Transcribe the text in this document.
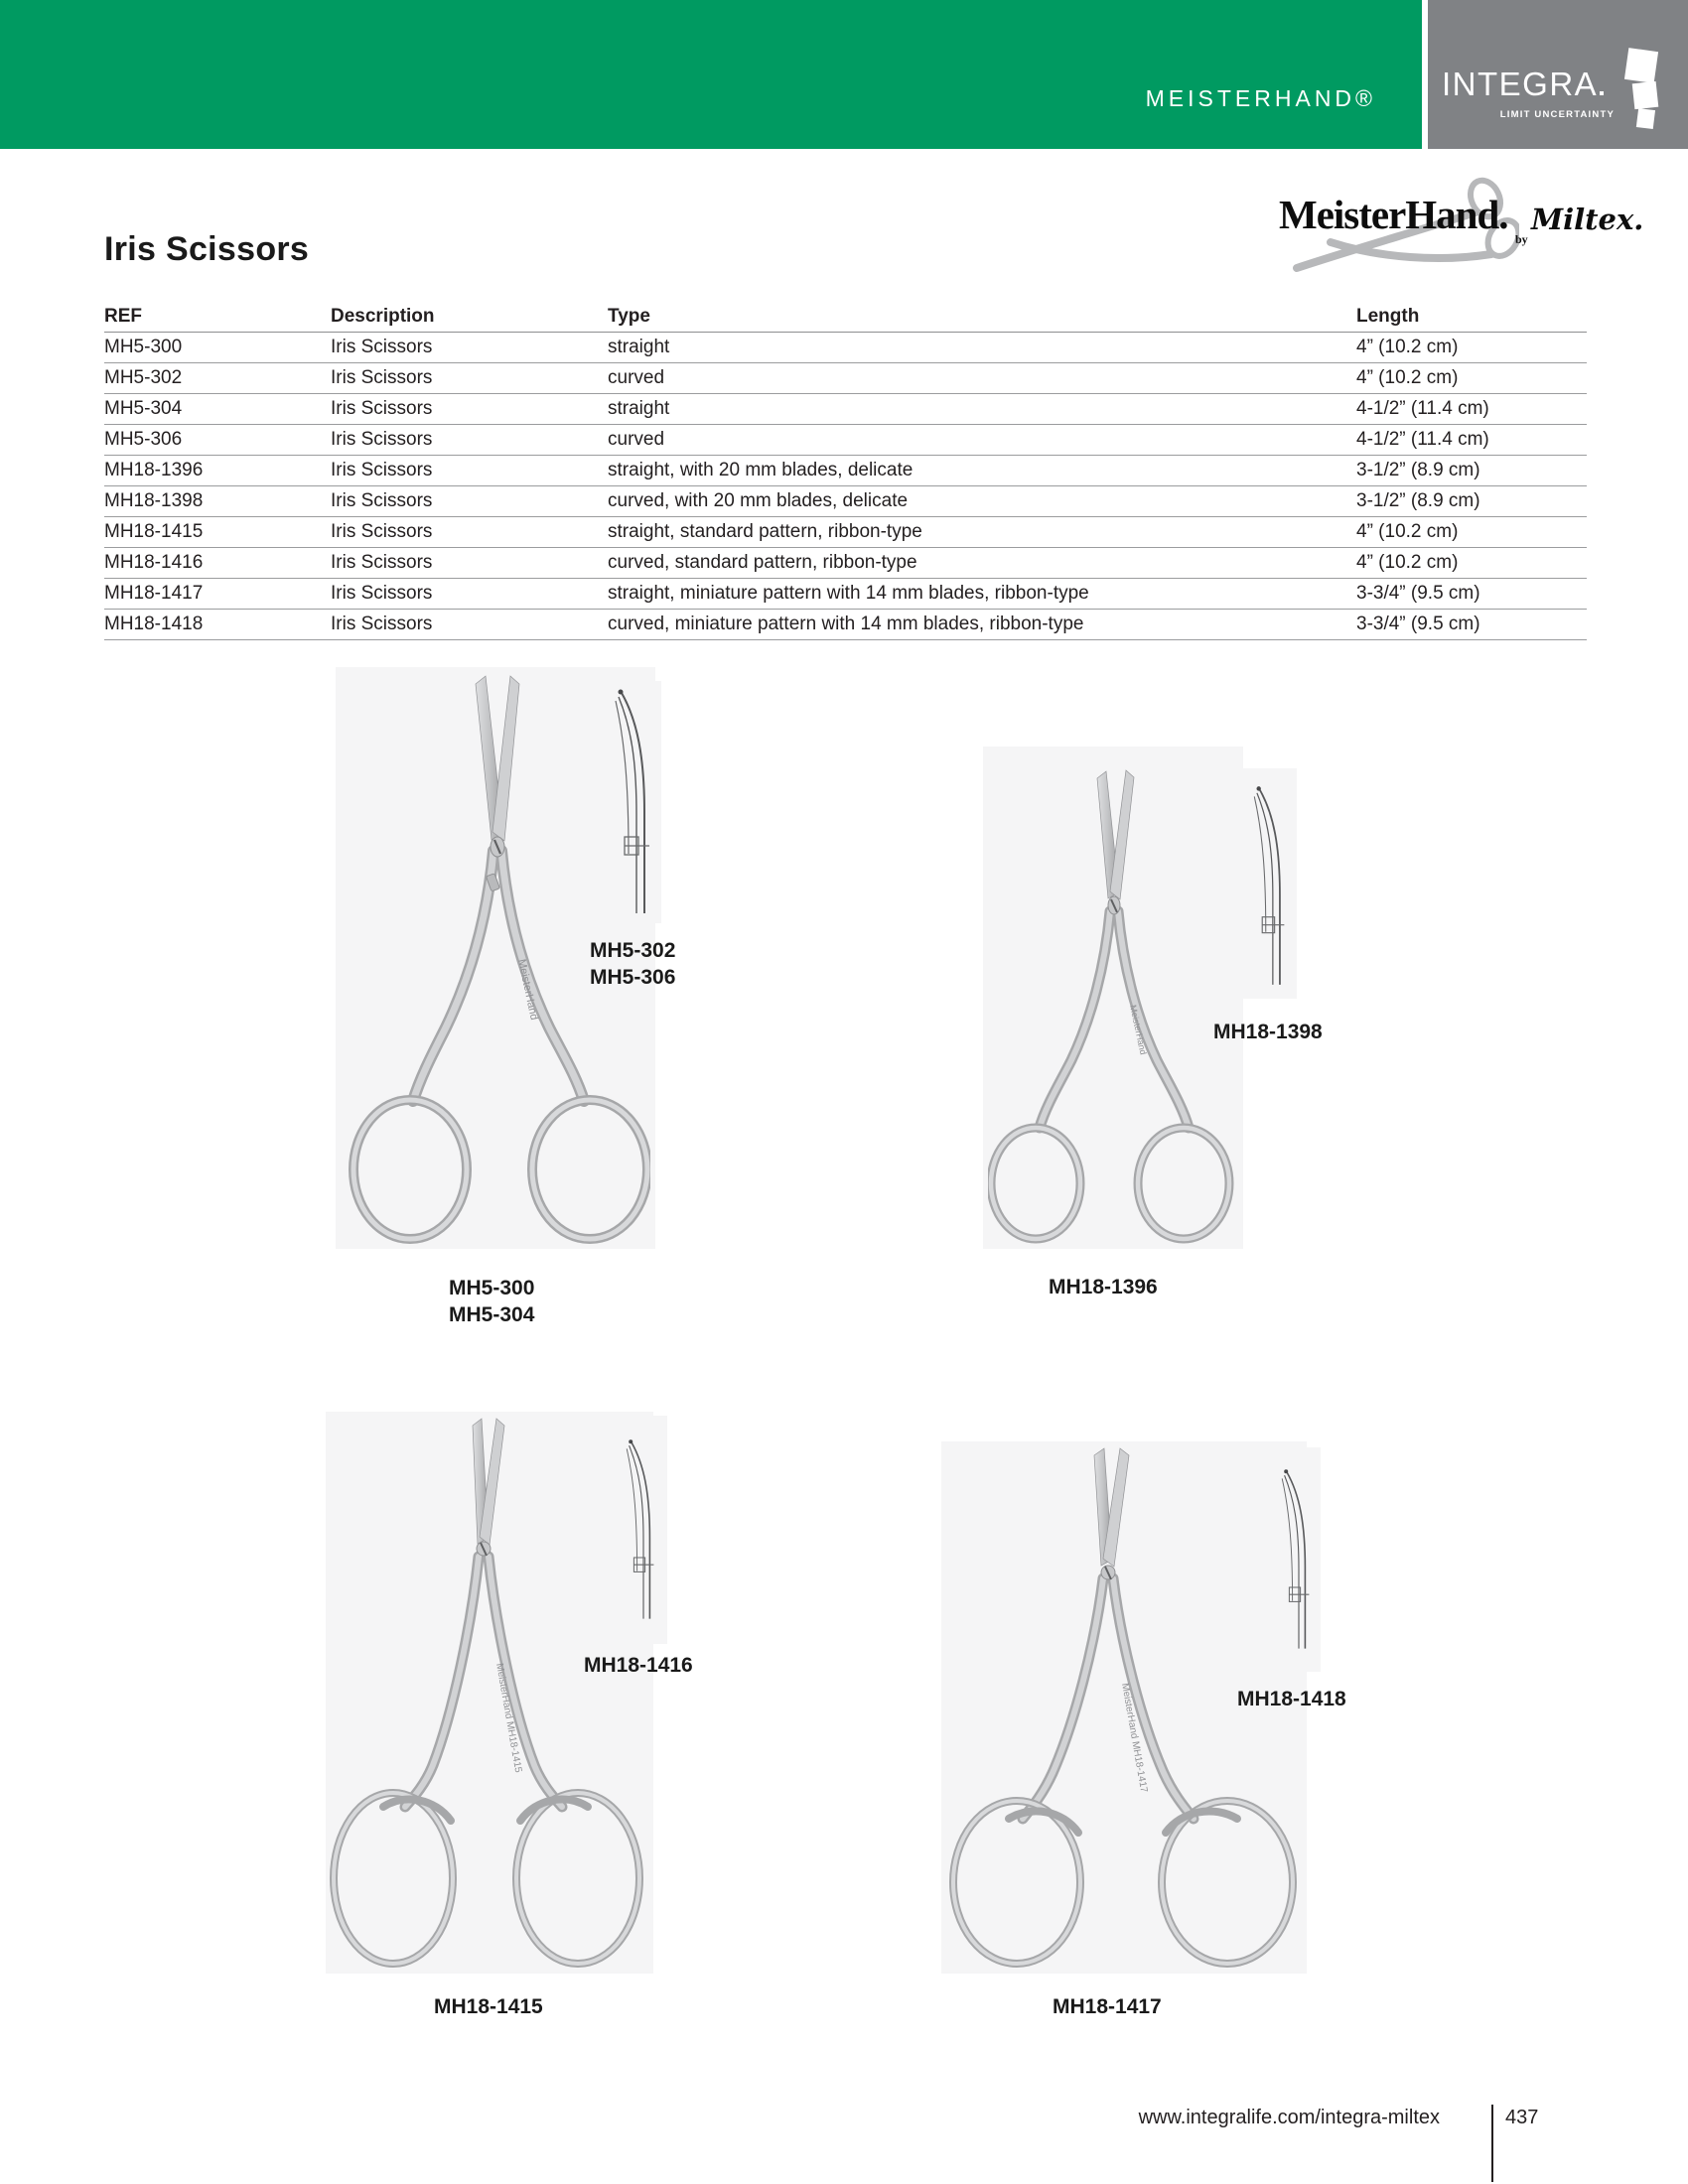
MEISTERHAND® INTEGRA
LIMIT UNCERTAINTY
MeisterHand.
by
Miltex.
Iris Scissors
REF	Description	Type	Length
MH5-300	Iris Scissors	straight	4” (10.2 cm)
MH5-302	Iris Scissors	curved	4” (10.2 cm)
MH5-304	Iris Scissors	straight	4-1/2” (11.4 cm)
MH5-306	Iris Scissors	curved	4-1/2” (11.4 cm)
MH18-1396	Iris Scissors	straight, with 20 mm blades, delicate	3-1/2” (8.9 cm)
MH18-1398	Iris Scissors	curved, with 20 mm blades, delicate	3-1/2” (8.9 cm)
MH18-1415	Iris Scissors	straight, standard pattern, ribbon-type	4” (10.2 cm)
MH18-1416	Iris Scissors	curved, standard pattern, ribbon-type	4” (10.2 cm)
MH18-1417	Iris Scissors	straight, miniature pattern with 14 mm blades, ribbon-type	3-3/4” (9.5 cm)
MH18-1418	Iris Scissors	curved, miniature pattern with 14 mm blades, ribbon-type	3-3/4” (9.5 cm)
MeisterHand
MH5-302
MH5-306
MH5-300
MH5-304
MeisterHand	MH18-1398
MH18-1396
MeisterHand MH18-1415	MH18-1416
MH18-1415
MeisterHand MH18-1417	MH18-1418
MH18-1417
www.integralife.com/integra-miltex	437
